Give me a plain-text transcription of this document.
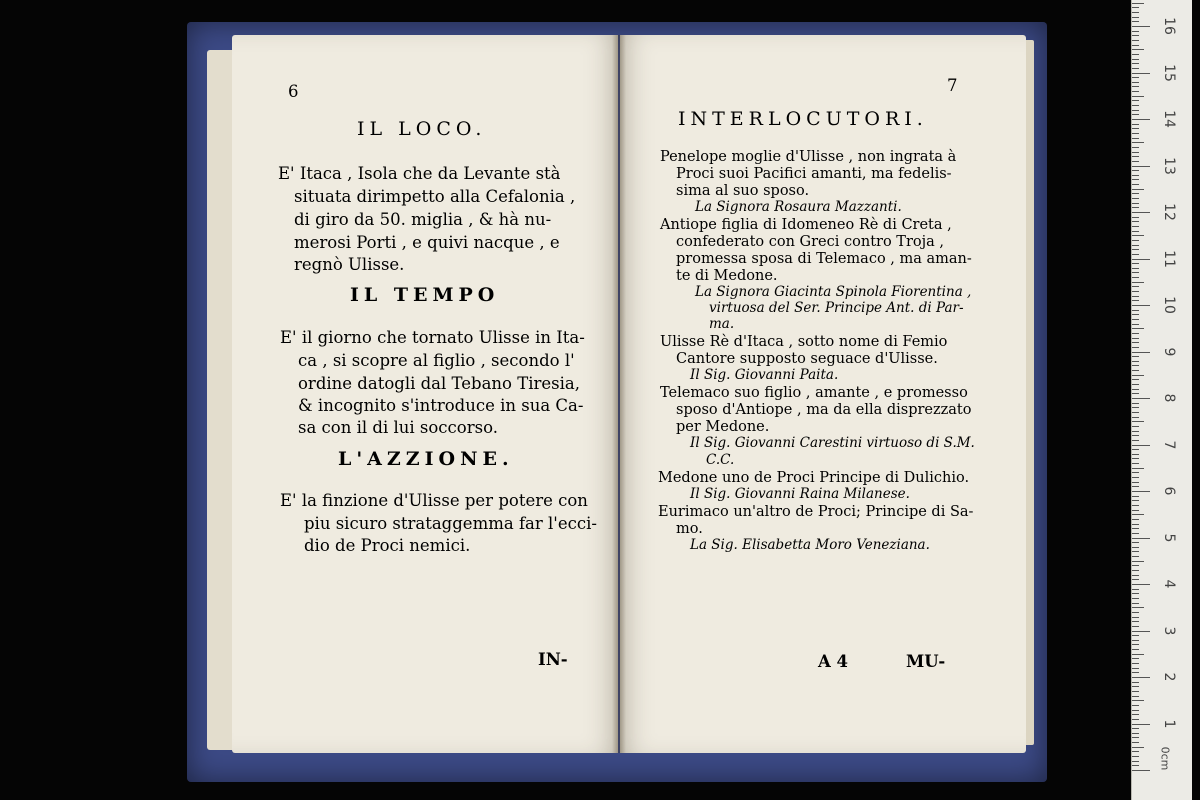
6
IL LOCO.
E' Itaca , Isola che da Levante stà
situata dirimpetto alla Cefalonia ,
di giro da 50. miglia , & hà nu-
merosi Porti , e quivi nacque , e
regnò Ulisse.
IL TEMPO
E' il giorno che tornato Ulisse in Ita-
ca , si scopre al figlio , secondo l'
ordine datogli dal Tebano Tiresia,
& incognito s'introduce in sua Ca-
sa con il di lui soccorso.
L'AZZIONE.
E' la finzione d'Ulisse per potere con
piu sicuro strataggemma far l'ecci-
dio de Proci nemici.
IN-
7
INTERLOCUTORI.
Penelope moglie d'Ulisse , non ingrata à
Proci suoi Pacifici amanti, ma fedelis-
sima al suo sposo.
La Signora Rosaura Mazzanti.
Antiope figlia di Idomeneo Rè di Creta ,
confederato con Greci contro Troja ,
promessa sposa di Telemaco , ma aman-
te di Medone.
La Signora Giacinta Spinola Fiorentina ,
virtuosa del Ser. Principe Ant. di Par-
ma.
Ulisse Rè d'Itaca , sotto nome di Femio
Cantore supposto seguace d'Ulisse.
Il Sig. Giovanni Paita.
Telemaco suo figlio , amante , e promesso
sposo d'Antiope , ma da ella disprezzato
per Medone.
Il Sig. Giovanni Carestini virtuoso di S.M.
C.C.
Medone uno de Proci Principe di Dulichio.
Il Sig. Giovanni Raina Milanese.
Eurimaco un'altro de Proci; Principe di Sa-
mo.
La Sig. Elisabetta Moro Veneziana.
A 4	MU-
0cm
1
2
3
4
5
6
7
8
9
10
11
12
13
14
15
16
